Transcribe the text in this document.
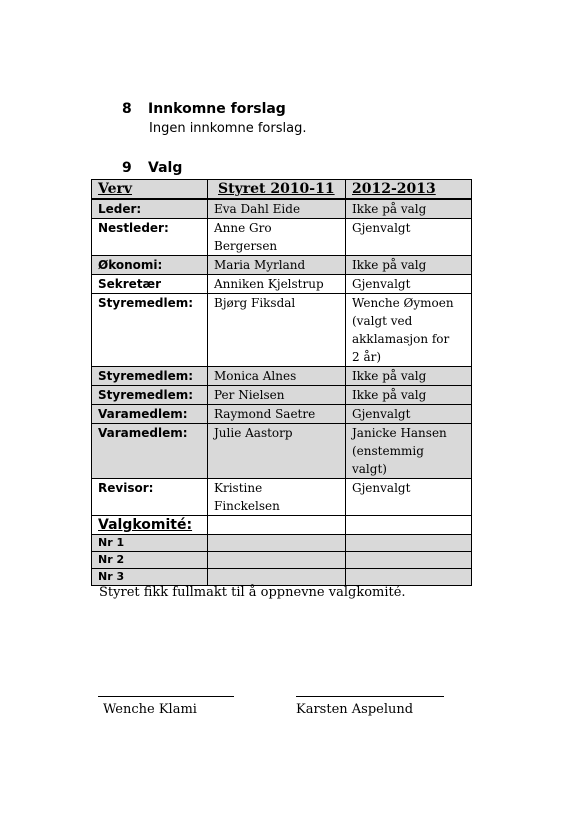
8 Innkomne forslag
Ingen innkomne forslag.
9 Valg
Verv	Styret 2010-11	2012-2013
Leder:	Eva Dahl Eide	Ikke på valg
Nestleder:	Anne Gro
Bergersen	Gjenvalgt
Økonomi:	Maria Myrland	Ikke på valg
Sekretær	Anniken Kjelstrup	Gjenvalgt
Styremedlem:	Bjørg Fiksdal	Wenche Øymoen
(valgt ved
akklamasjon for
2 år)
Styremedlem:	Monica Alnes	Ikke på valg
Styremedlem:	Per Nielsen	Ikke på valg
Varamedlem:	Raymond Saetre	Gjenvalgt
Varamedlem:	Julie Aastorp	Janicke Hansen
(enstemmig
valgt)
Revisor:	Kristine
Finckelsen	Gjenvalgt
Valgkomité:		
Nr 1		
Nr 2		
Nr 3		
Styret fikk fullmakt til å oppnevne valgkomité.
Wenche Klami	Karsten Aspelund
